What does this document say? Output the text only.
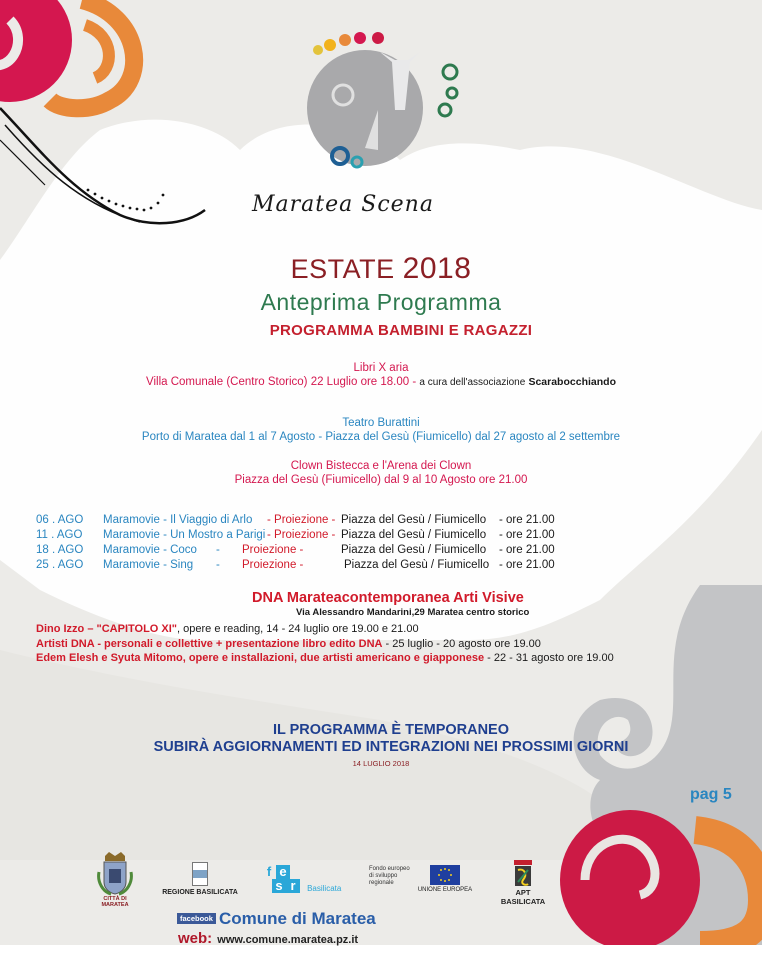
Maratea Scena
ESTATE 2018
Anteprima Programma
PROGRAMMA BAMBINI E RAGAZZI
Libri X aria
Villa Comunale (Centro Storico) 22 Luglio ore 18.00 - a cura dell'associazione Scarabocchiando
Teatro Burattini
Porto di Maratea dal 1 al 7 Agosto - Piazza del Gesù (Fiumicello) dal 27 agosto al 2 settembre
Clown Bistecca e l'Arena dei Clown
Piazza del Gesù (Fiumicello) dal 9 al 10 Agosto ore 21.00
06 . AGO Maramovie - Il Viaggio di Arlo - Proiezione - Piazza del Gesù / Fiumicello - ore 21.00
11 . AGO Maramovie - Un Mostro a Parigi - Proiezione - Piazza del Gesù / Fiumicello - ore 21.00
18 . AGO Maramovie - Coco - Proiezione -	Piazza del Gesù / Fiumicello - ore 21.00
25 . AGO Maramovie - Sing - Proiezione -	Piazza del Gesù / Fiumicello - ore 21.00
DNA Marateacontemporanea Arti Visive
Via Alessandro Mandarini,29 Maratea centro storico
Dino Izzo – "CAPITOLO XI", opere e reading, 14 - 24 luglio ore 19.00 e 21.00
Artisti DNA - personali e collettive + presentazione libro edito DNA - 25 luglio - 20 agosto ore 19.00
Edem Elesh e Syuta Mitomo, opere e installazioni, due artisti americano e giapponese - 22 - 31 agosto ore 19.00
IL PROGRAMMA È TEMPORANEO
SUBIRÀ AGGIORNAMENTI ED INTEGRAZIONI NEI PROSSIMI GIORNI
14 LUGLIO 2018
pag 5
CITTÀ DI MARATEA
REGIONE BASILICATA
f e
s r	Basilicata
Fondo europeo di sviluppo regionale
UNIONE EUROPEA	APT BASILICATA
facebook Comune di Maratea
web: www.comune.maratea.pz.it
